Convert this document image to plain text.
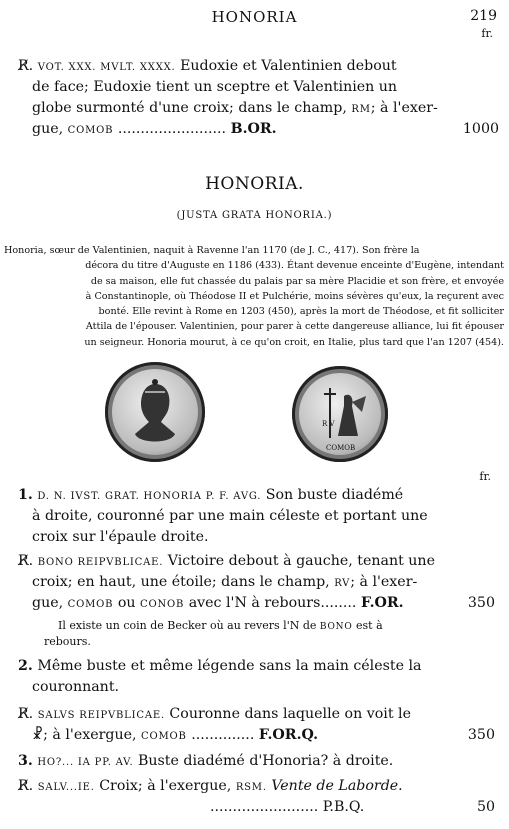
HONORIA	219
fr.
R̸. VOT. XXX. MVLT. XXXX. Eudoxie et Valentinien debout
de face; Eudoxie tient un sceptre et Valentinien un
globe surmonté d'une croix; dans le champ, RM; à l'exer-
gue, COMOB ........................ B.OR.	1000
HONORIA.
(JUSTA GRATA HONORIA.)
Honoria, sœur de Valentinien, naquit à Ravenne l'an 1170 (de J. C., 417). Son frère la
décora du titre d'Auguste en 1186 (433). Étant devenue enceinte d'Eugène, intendant
de sa maison, elle fut chassée du palais par sa mère Placidie et son frère, et envoyée
à Constantinople, où Théodose II et Pulchérie, moins sévères qu'eux, la reçurent avec
bonté. Elle revint à Rome en 1203 (450), après la mort de Théodose, et fit solliciter
Attila de l'épouser. Valentinien, pour parer à cette dangereuse alliance, lui fit épouser
un seigneur. Honoria mourut, à ce qu'on croit, en Italie, plus tard que l'an 1207 (454).
R V
COMOB
fr.
1. D. N. IVST. GRAT. HONORIA P. F. AVG. Son buste diadémé
à droite, couronné par une main céleste et portant une
croix sur l'épaule droite.
R̸. BONO REIPVBLICAE. Victoire debout à gauche, tenant une
croix; en haut, une étoile; dans le champ, RV; à l'exer-
gue, COMOB ou CONOB avec l'N à rebours........ F.OR.	350
Il existe un coin de Becker où au revers l'N de BONO est à
rebours.
2. Même buste et même légende sans la main céleste la
couronnant.
R̸. SALVS REIPVBLICAE. Couronne dans laquelle on voit le
☧; à l'exergue, COMOB .............. F.OR.Q.	350
3. HO?... IA PP. AV. Buste diadémé d'Honoria? à droite.
R̸. SALV...IE. Croix; à l'exergue, RSM. Vente de Laborde.
........................ P.B.Q.	50
